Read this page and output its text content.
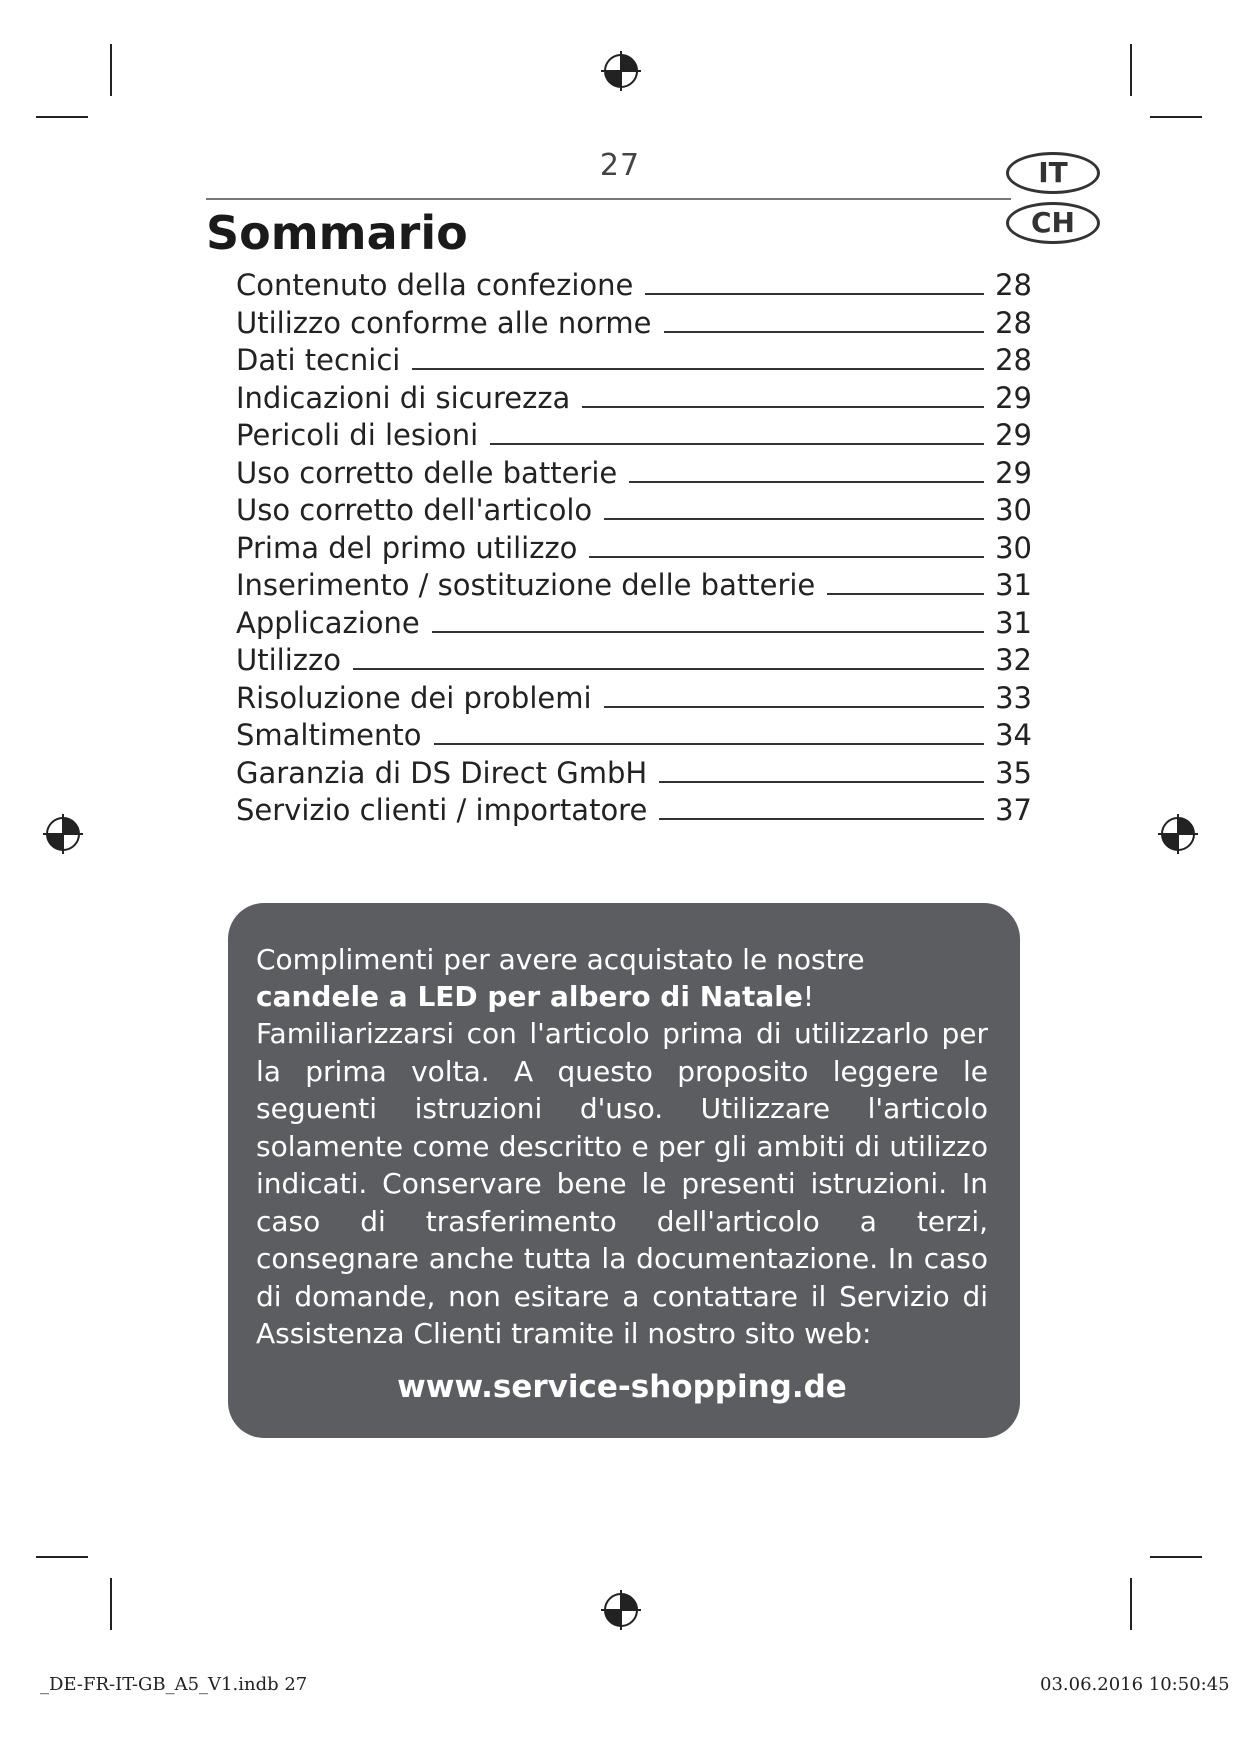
27	IT
CH
Sommario
Contenuto della confezione	28
Utilizzo conforme alle norme	28
Dati tecnici	28
Indicazioni di sicurezza	29
Pericoli di lesioni	29
Uso corretto delle batterie	29
Uso corretto dell'articolo	30
Prima del primo utilizzo	30
Inserimento / sostituzione delle batterie	31
Applicazione	31
Utilizzo	32
Risoluzione dei problemi	33
Smaltimento	34
Garanzia di DS Direct GmbH	35
Servizio clienti / importatore	37

Complimenti per avere acquistato le nostre candele a LED per albero di Natale!

Familiarizzarsi con l'articolo prima di utilizzarlo per la prima volta. A questo proposito leggere le seguenti istruzioni d'uso. Utilizzare l'articolo solamente come descritto e per gli ambiti di utilizzo indicati. Conservare bene le presenti istruzioni. In caso di trasferimento dell'articolo a terzi, consegnare anche tutta la documentazione. In caso di domande, non esitare a contattare il Servizio di Assistenza Clienti tramite il nostro sito web:

www.service-shopping.de

_DE-FR-IT-GB_A5_V1.indb 27	03.06.2016 10:50:45
